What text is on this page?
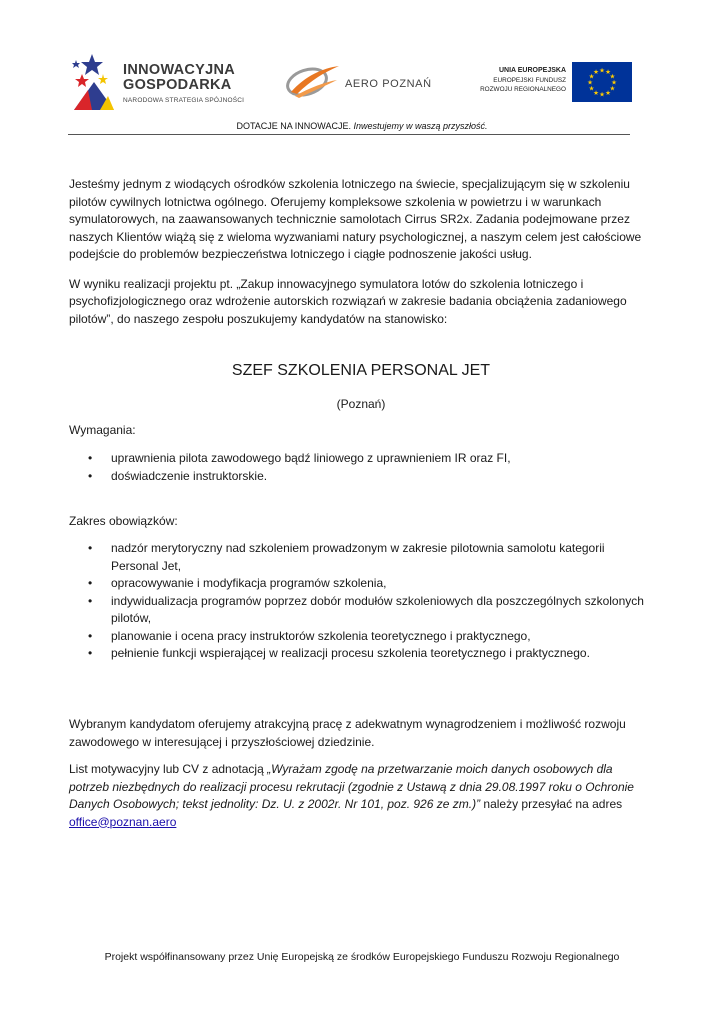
INNOWACYJNA
GOSPODARKA
NARODOWA STRATEGIA SPÓJNOŚCI
AERO POZNAŃ
UNIA EUROPEJSKA
EUROPEJSKI FUNDUSZ
ROZWOJU REGIONALNEGO
★ ★
★
★
★
★
★
★
★
★
★
★
DOTACJE NA INNOWACJE. Inwestujemy w waszą przyszłość.

Jesteśmy jednym z wiodących ośrodków szkolenia lotniczego na świecie, specjalizującym się w szkoleniu pilotów cywilnych lotnictwa ogólnego. Oferujemy kompleksowe szkolenia w powietrzu i w warunkach symulatorowych, na zaawansowanych technicznie samolotach Cirrus SR2x. Zadania podejmowane przez naszych Klientów wiążą się z wieloma wyzwaniami natury psychologicznej, a naszym celem jest całościowe podejście do problemów bezpieczeństwa lotniczego i ciągłe podnoszenie jakości usług.

W wyniku realizacji projektu pt. „Zakup innowacyjnego symulatora lotów do szkolenia lotniczego i psychofizjologicznego oraz wdrożenie autorskich rozwiązań w zakresie badania obciążenia zadaniowego pilotów”, do naszego zespołu poszukujemy kandydatów na stanowisko:

SZEF SZKOLENIA PERSONAL JET
(Poznań)
Wymagania:
• uprawnienia pilota zawodowego bądź liniowego z uprawnieniem IR oraz FI,
• doświadczenie instruktorskie.
Zakres obowiązków:
• nadzór merytoryczny nad szkoleniem prowadzonym w zakresie pilotownia samolotu kategorii Personal Jet,
• opracowywanie i modyfikacja programów szkolenia,
• indywidualizacja programów poprzez dobór modułów szkoleniowych dla poszczególnych szkolonych pilotów,
• planowanie i ocena pracy instruktorów szkolenia teoretycznego i praktycznego,
• pełnienie funkcji wspierającej w realizacji procesu szkolenia teoretycznego i praktycznego.

Wybranym kandydatom oferujemy atrakcyjną pracę z adekwatnym wynagrodzeniem i możliwość rozwoju zawodowego w interesującej i przyszłościowej dziedzinie.

List motywacyjny lub CV z adnotacją „Wyrażam zgodę na przetwarzanie moich danych osobowych dla potrzeb niezbędnych do realizacji procesu rekrutacji (zgodnie z Ustawą z dnia 29.08.1997 roku o Ochronie Danych Osobowych; tekst jednolity: Dz. U. z 2002r. Nr 101, poz. 926 ze zm.)” należy przesyłać na adres office@poznan.aero

Projekt współfinansowany przez Unię Europejską ze środków Europejskiego Funduszu Rozwoju Regionalnego
